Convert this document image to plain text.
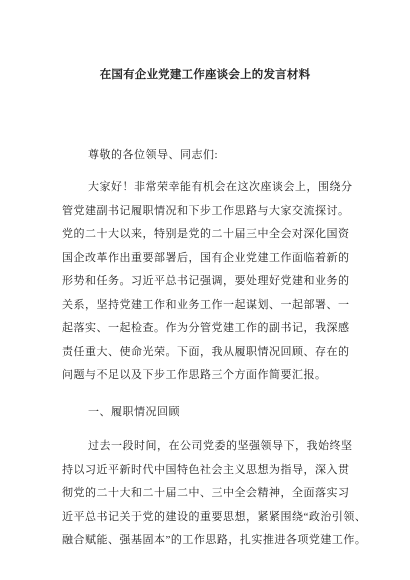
在国有企业党建工作座谈会上的发言材料
尊敬的各位领导、同志们:
大家好！非常荣幸能有机会在这次座谈会上，围绕分
管党建副书记履职情况和下步工作思路与大家交流探讨。
党的二十大以来，特别是党的二十届三中全会对深化国资
国企改革作出重要部署后，国有企业党建工作面临着新的
形势和任务。习近平总书记强调，要处理好党建和业务的
关系，坚持党建工作和业务工作一起谋划、一起部署、一
起落实、一起检查。作为分管党建工作的副书记，我深感
责任重大、使命光荣。下面，我从履职情况回顾、存在的
问题与不足以及下步工作思路三个方面作简要汇报。
一、履职情况回顾
过去一段时间，在公司党委的坚强领导下，我始终坚
持以习近平新时代中国特色社会主义思想为指导，深入贯
彻党的二十大和二十届二中、三中全会精神，全面落实习
近平总书记关于党的建设的重要思想，紧紧围绕“政治引领、
融合赋能、强基固本”的工作思路，扎实推进各项党建工作。
